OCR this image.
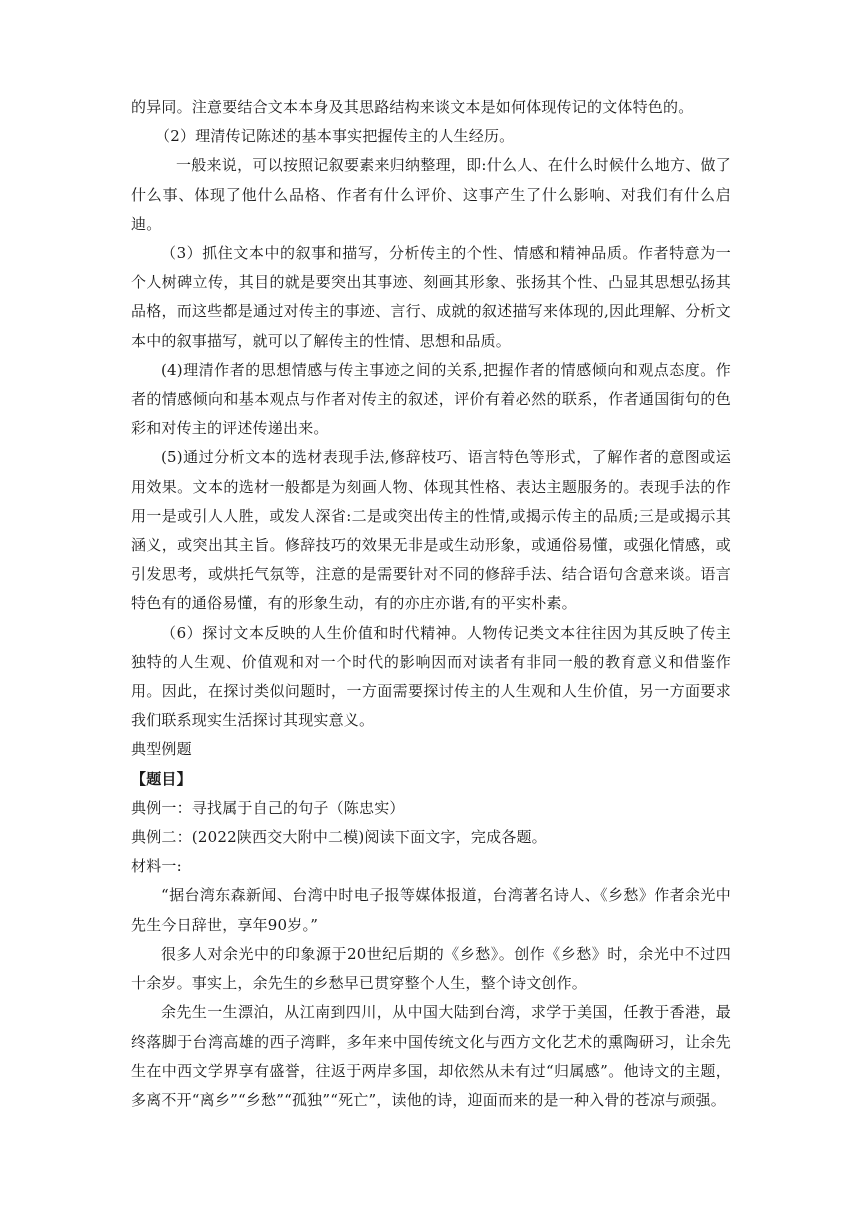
的异同。注意要结合文本本身及其思路结构来谈文本是如何体现传记的文体特色的。

（2）理清传记陈述的基本事实把握传主的人生经历。

一般来说，可以按照记叙要素来归纳整理，即:什么人、在什么时候什么地方、做了什么事、体现了他什么品格、作者有什么评价、这事产生了什么影响、对我们有什么启迪。

（3）抓住文本中的叙事和描写，分析传主的个性、情感和精神品质。作者特意为一个人树碑立传，其目的就是要突出其事迹、刻画其形象、张扬其个性、凸显其思想弘扬其品格，而这些都是通过对传主的事迹、言行、成就的叙述描写来体现的,因此理解、分析文本中的叙事描写，就可以了解传主的性情、思想和品质。

(4)理清作者的思想情感与传主事迹之间的关系,把握作者的情感倾向和观点态度。作者的情感倾向和基本观点与作者对传主的叙述，评价有着必然的联系，作者通国街句的色彩和对传主的评述传递出来。

(5)通过分析文本的选材表现手法,修辞枝巧、语言特色等形式，了解作者的意图或运用效果。文本的选材一般都是为刻画人物、体现其性格、表达主题服务的。表现手法的作用一是或引人人胜，或发人深省:二是或突出传主的性情,或揭示传主的品质;三是或揭示其涵义，或突出其主旨。修辞技巧的效果无非是或生动形象，或通俗易懂，或强化情感，或引发思考，或烘托气氛等，注意的是需要针对不同的修辞手法、结合语句含意来谈。语言特色有的通俗易懂，有的形象生动，有的亦庄亦谐,有的平实朴素。

（6）探讨文本反映的人生价值和时代精神。人物传记类文本往往因为其反映了传主独特的人生观、价值观和对一个时代的影响因而对读者有非同一般的教育意义和借鉴作用。因此，在探讨类似问题时，一方面需要探讨传主的人生观和人生价值，另一方面要求我们联系现实生活探讨其现实意义。

典型例题

【题目】

典例一：寻找属于自己的句子（陈忠实）

典例二：(2022陕西交大附中二模)阅读下面文字，完成各题。

材料一:

“据台湾东森新闻、台湾中时电子报等媒体报道，台湾著名诗人、《乡愁》作者余光中先生今日辞世，享年90岁。”

很多人对余光中的印象源于20世纪后期的《乡愁》。创作《乡愁》时，余光中不过四十余岁。事实上，余先生的乡愁早已贯穿整个人生，整个诗文创作。

余先生一生漂泊，从江南到四川，从中国大陆到台湾，求学于美国，任教于香港，最终落脚于台湾高雄的西子湾畔，多年来中国传统文化与西方文化艺术的熏陶研习，让余先生在中西文学界享有盛誉，往返于两岸多国，却依然从未有过“归属感”。他诗文的主题，多离不开“离乡”“乡愁”“孤独”“死亡”，读他的诗，迎面而来的是一种入骨的苍凉与顽强。
